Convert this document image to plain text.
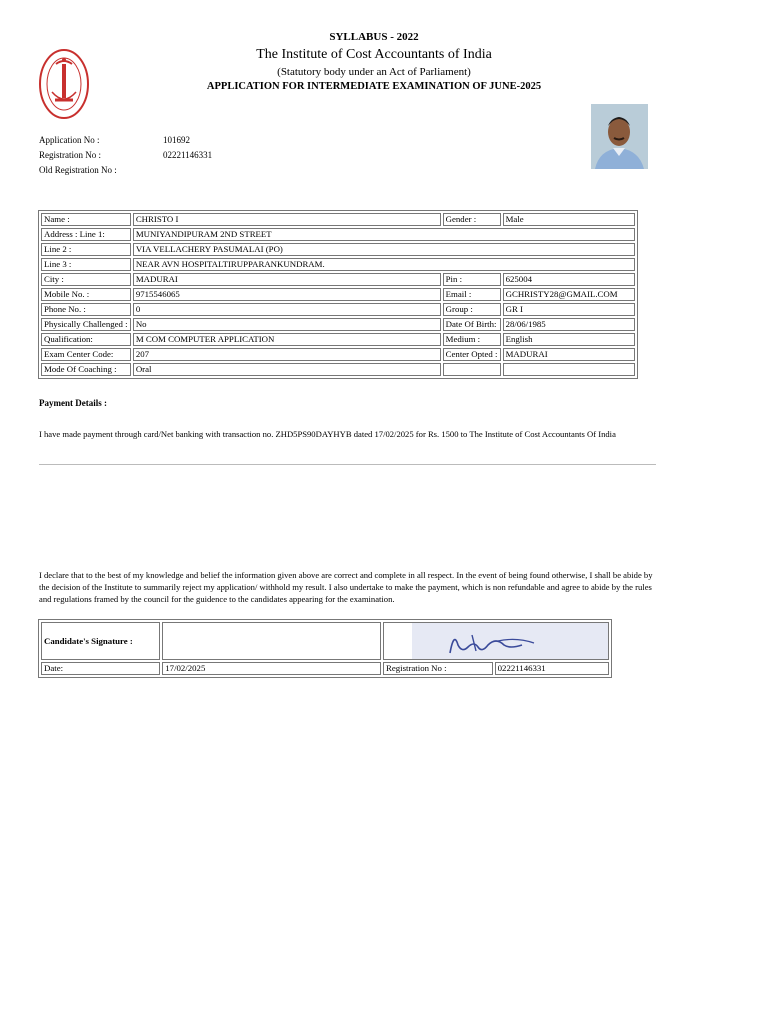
SYLLABUS - 2022
The Institute of Cost Accountants of India
(Statutory body under an Act of Parliament)
APPLICATION FOR INTERMEDIATE EXAMINATION OF JUNE-2025
Application No :	101692
Registration No :	02221146331
Old Registration No :
Name :	CHRISTO I	Gender :	Male
Address : Line 1:	MUNIYANDIPURAM 2ND STREET		
Line 2 :	VIA VELLACHERY PASUMALAI (PO)		
Line 3 :	NEAR AVN HOSPITALTIRUPPARANKUNDRAM.		
City :	MADURAI	Pin :	625004
Mobile No. :	9715546065	Email :	GCHRISTY28@GMAIL.COM
Phone No. :	0	Group :	GR I
Physically Challenged :	No	Date Of Birth:	28/06/1985
Qualification:	M COM COMPUTER APPLICATION	Medium :	English
Exam Center Code:	207	Center Opted :	MADURAI
Mode Of Coaching :	Oral		
Payment Details :
I have made payment through card/Net banking with transaction no. ZHD5PS90DAYHYB dated 17/02/2025 for Rs. 1500 to The Institute of Cost Accountants Of India
I declare that to the best of my knowledge and belief the information given above are correct and complete in all respect. In the event of being found otherwise, I shall be abide by the decision of the Institute to summarily reject my application/ withhold my result. I also undertake to make the payment, which is non refundable and agree to abide by the rules and regulations framed by the council for the guidence to the candidates appearing for the examination.
Candidate's Signature :		

Date:	17/02/2025	Registration No :	02221146331
